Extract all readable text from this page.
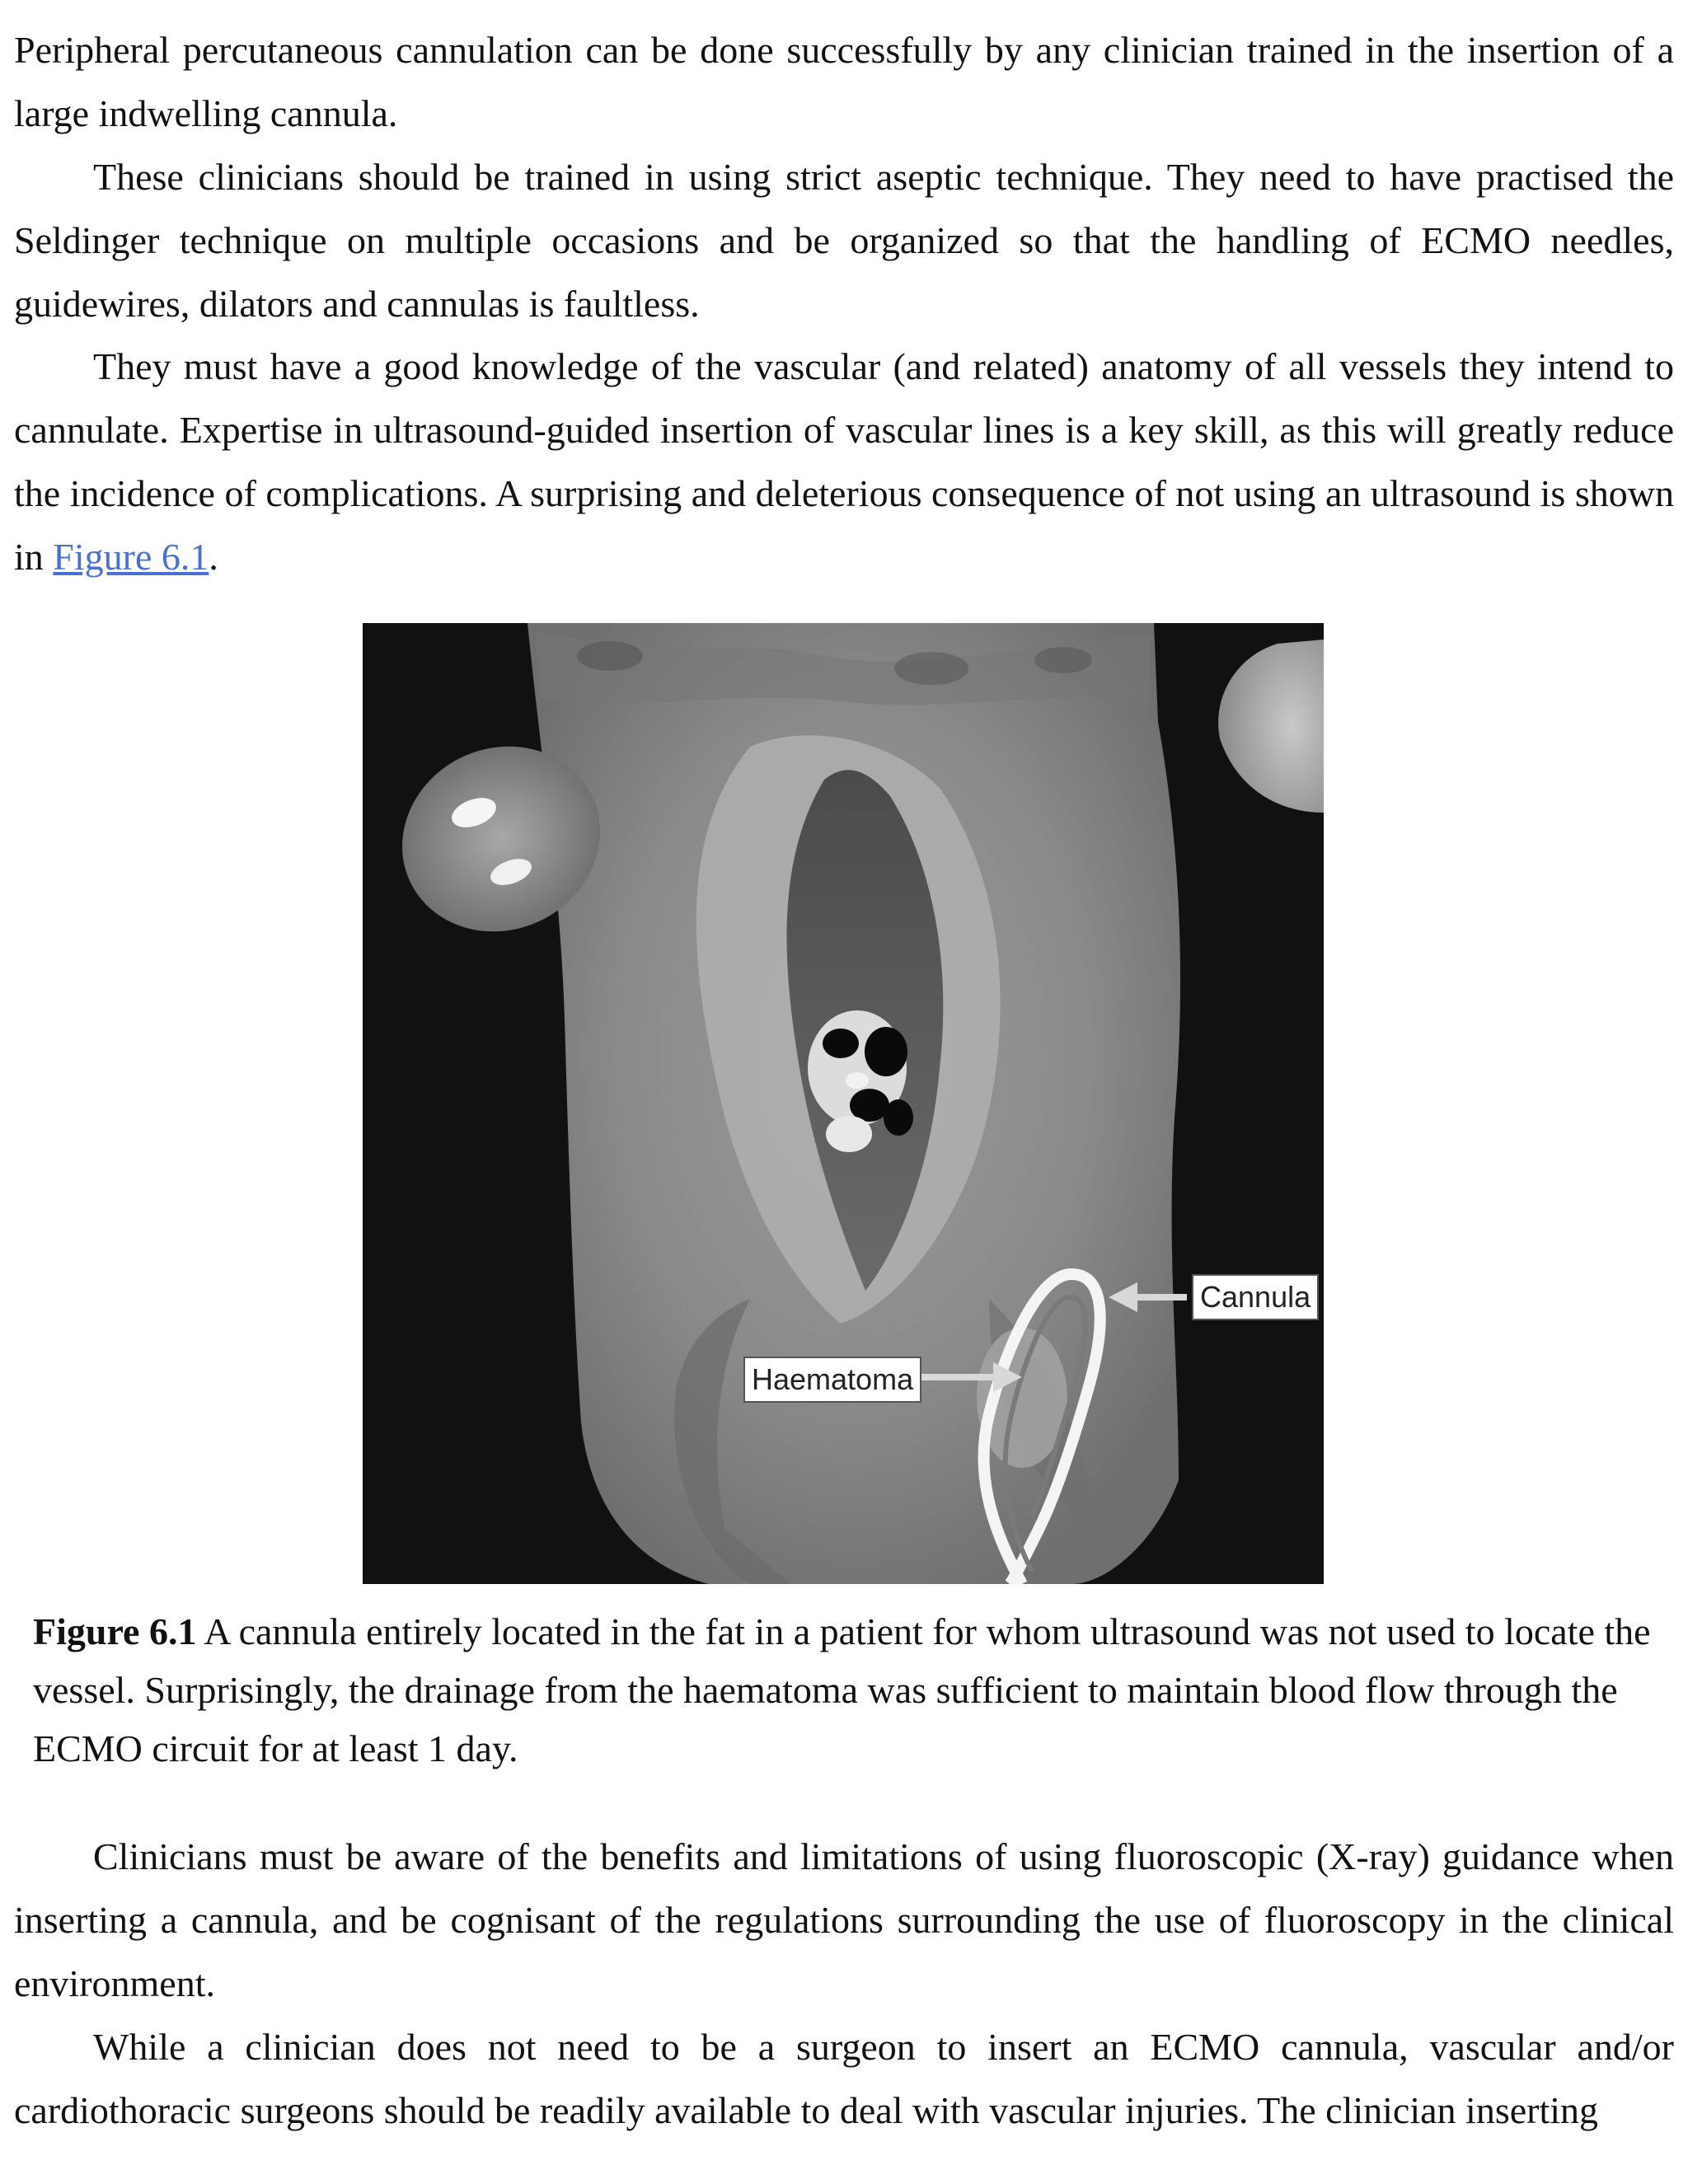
Peripheral percutaneous cannulation can be done successfully by any clinician trained in the insertion of a large indwelling cannula.

These clinicians should be trained in using strict aseptic technique. They need to have practised the Seldinger technique on multiple occasions and be organized so that the handling of ECMO needles, guidewires, dilators and cannulas is faultless.

They must have a good knowledge of the vascular (and related) anatomy of all vessels they intend to cannulate. Expertise in ultrasound-guided insertion of vascular lines is a key skill, as this will greatly reduce the incidence of complications. A surprising and deleterious consequence of not using an ultrasound is shown in Figure 6.1.

Cannula
Haematoma

Figure 6.1 A cannula entirely located in the fat in a patient for whom ultrasound was not used to locate the vessel. Surprisingly, the drainage from the haematoma was sufficient to maintain blood flow through the ECMO circuit for at least 1 day.

Clinicians must be aware of the benefits and limitations of using fluoroscopic (X-ray) guidance when inserting a cannula, and be cognisant of the regulations surrounding the use of fluoroscopy in the clinical environment.

While a clinician does not need to be a surgeon to insert an ECMO cannula, vascular and/or cardiothoracic surgeons should be readily available to deal with vascular injuries. The clinician inserting
